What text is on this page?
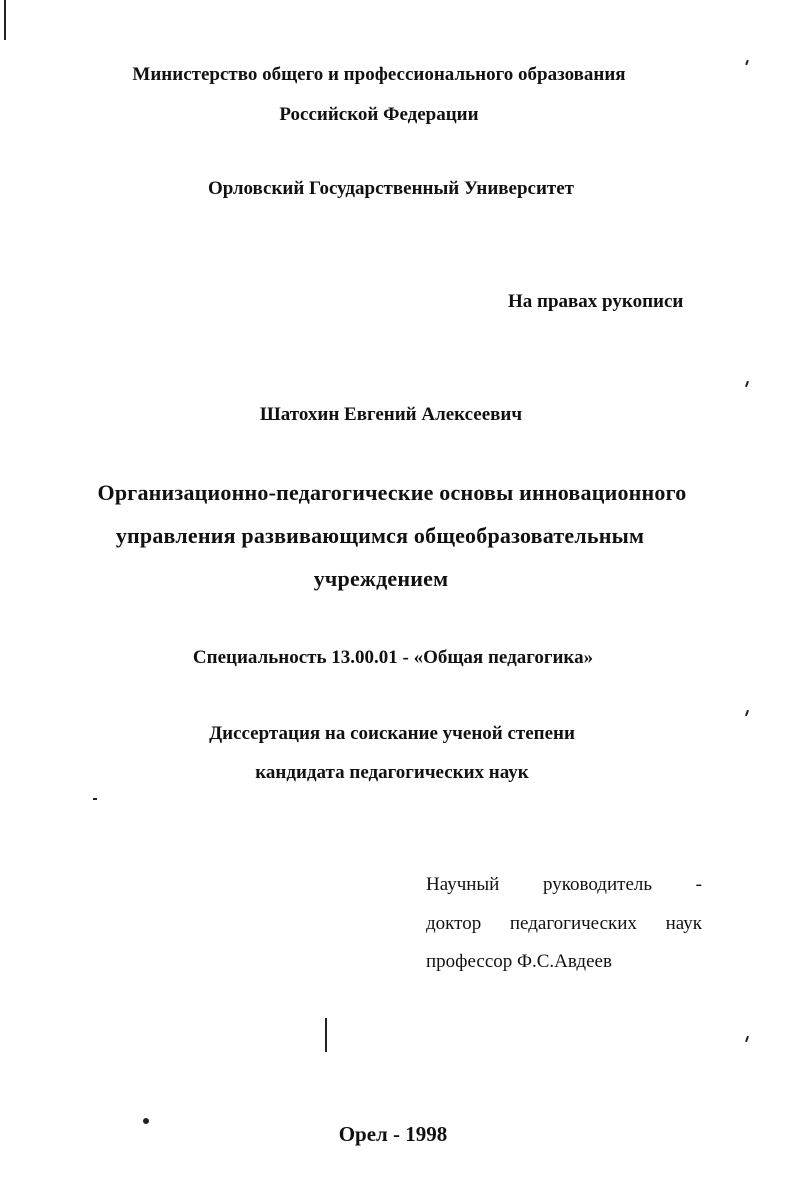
Министерство общего и профессионального образования
Российской Федерации
Орловский Государственный Университет
На правах рукописи
Шатохин Евгений Алексеевич
Организационно-педагогические основы инновационного
управления развивающимся общеобразовательным
учреждением
Специальность 13.00.01 - «Общая педагогика»
Диссертация на соискание ученой степени
кандидата педагогических наук
Научный руководитель -
доктор педагогических наук
профессор Ф.С.Авдеев
Орел - 1998
